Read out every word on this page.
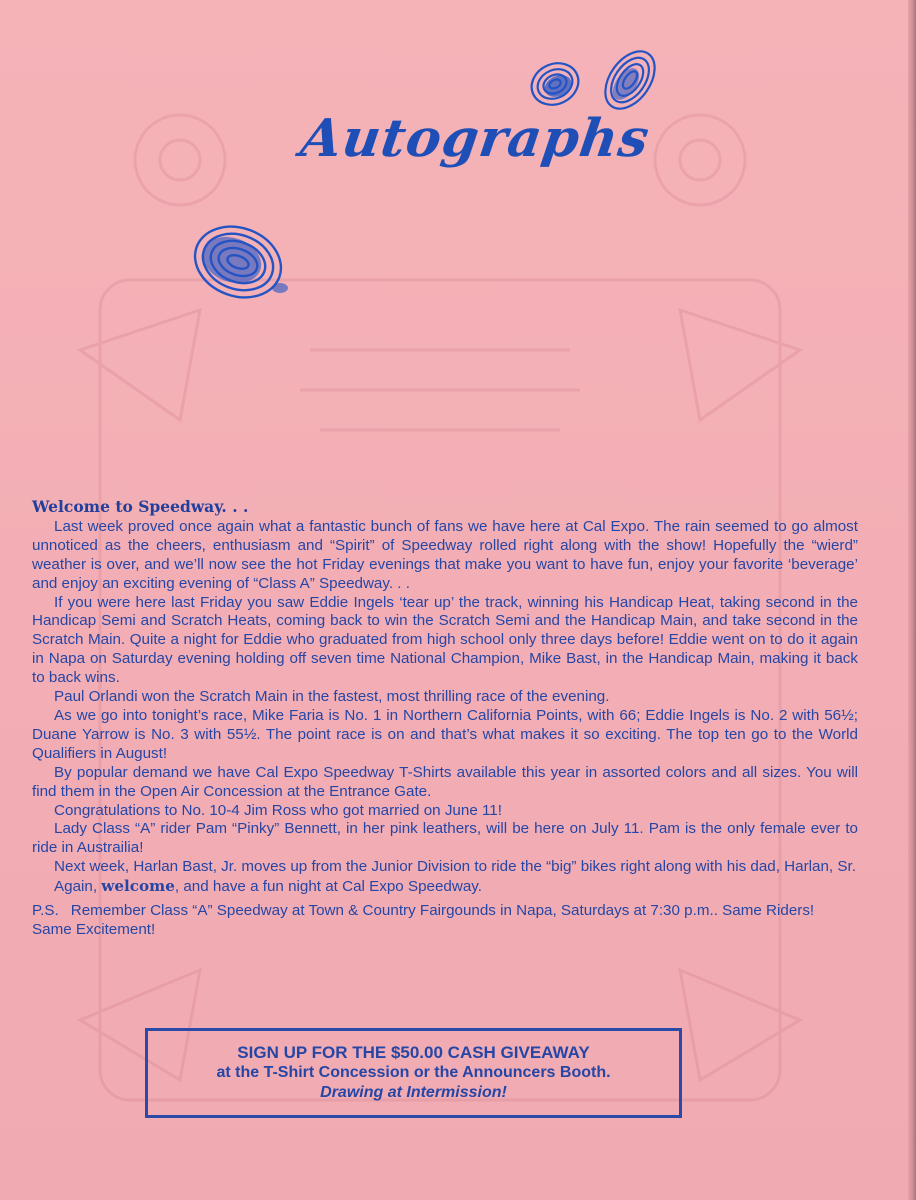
Autographs
Welcome to Speedway. . .

Last week proved once again what a fantastic bunch of fans we have here at Cal Expo. The rain seemed to go almost unnoticed as the cheers, enthusiasm and “Spirit” of Speedway rolled right along with the show! Hopefully the “wierd” weather is over, and we’ll now see the hot Friday evenings that make you want to have fun, enjoy your favorite ‘beverage’ and enjoy an exciting evening of “Class A” Speedway. . .

If you were here last Friday you saw Eddie Ingels ‘tear up’ the track, winning his Handicap Heat, taking second in the Handicap Semi and Scratch Heats, coming back to win the Scratch Semi and the Handicap Main, and take second in the Scratch Main. Quite a night for Eddie who graduated from high school only three days before! Eddie went on to do it again in Napa on Saturday evening holding off seven time National Champion, Mike Bast, in the Handicap Main, making it back to back wins.

Paul Orlandi won the Scratch Main in the fastest, most thrilling race of the evening.

As we go into tonight’s race, Mike Faria is No. 1 in Northern California Points, with 66; Eddie Ingels is No. 2 with 56½; Duane Yarrow is No. 3 with 55½. The point race is on and that’s what makes it so exciting. The top ten go to the World Qualifiers in August!

By popular demand we have Cal Expo Speedway T-Shirts available this year in assorted colors and all sizes. You will find them in the Open Air Concession at the Entrance Gate.

Congratulations to No. 10-4 Jim Ross who got married on June 11!

Lady Class “A” rider Pam “Pinky” Bennett, in her pink leathers, will be here on July 11. Pam is the only female ever to ride in Austrailia!

Next week, Harlan Bast, Jr. moves up from the Junior Division to ride the “big” bikes right along with his dad, Harlan, Sr.

Again, welcome, and have a fun night at Cal Expo Speedway.

P.S. Remember Class “A” Speedway at Town & Country Fairgounds in Napa, Saturdays at 7:30 p.m.. Same Riders! Same Excitement!

SIGN UP FOR THE $50.00 CASH GIVEAWAY
at the T-Shirt Concession or the Announcers Booth.
Drawing at Intermission!
